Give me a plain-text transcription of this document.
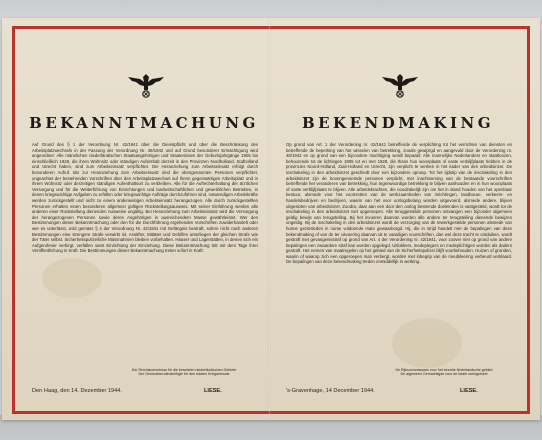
BEKANNTMACHUNG
Auf Grund des § 1 der Verordnung Nr. 42/1941 über die Dienstpflicht und über die Beschränkung des Arbeitsplatzwechsels in der Fassung der Verordnung Nr. 48/1942 und auf Grund besonderer Ermächtigung wird angeordnet: Alle männlichen niederländischen Staatsangehörigen und Staatenlosen der Geburtsjahrgänge 1905 bis einschließlich 1928, die ihren Wohnsitz oder ständigen Aufenthalt derzeit in den Provinzen Nordholland, Südholland und Utrecht haben, sind zum Arbeitseinsatz verpflichtet. Die Heranziehung zum Arbeitseinsatz erfolgt durch besonderen Aufruf. Bis zur Heranziehung zum Arbeitseinsatz sind die obengenannten Personen verpflichtet, ungeachtet der bestehenden Vorschriften über den Arbeitsplatzwechsel auf ihrem gegenwärtigen Arbeitsplatz und in ihrem Wohnsitz oder derzeitigen ständigen Aufenthaltsort zu verbleiben. Alle für die Aufrechterhaltung der ärztlichen Versorgung und für die Weiterführung von Einrichtungen und landwirtschaftlichen und gewerblichen Betrieben, in denen kriegswichtige Aufgaben zu erfüllen oder kriegswichtige Aufträge durchzuführen sind, notwendigen Arbeitskräfte werden zurückgestellt und nicht zu einem anderweitigen Arbeitseinsatz herangezogen. Alle durch zurückgestellten Personen erhalten einen besonderen allgemein gültigen Rückstellungsausweis. Mit seiner Einführung werden alle anderen einer Rückstellung dienenden Ausweise ungültig. Bei Heranziehung zum Arbeitseinsatz wird die Versorgung der herangezogenen Personen sowie deren Angehörigen in ausreichendem Masse gewährleistet. Wer den Bestimmungen dieser Bekanntmachung oder den für die Durchführung ergehenden Vorschriften zuwiderhandelt oder wer es unterlässt, wird gemäss § 4 der Verordnung Nr. 42/1941 mit Gefängnis bestraft, sofern nicht nach anderen Bestimmungen eine strengere Strafe verwirkt ist. Anstifter, Mittäter und Gehilfen unterliegen der gleichen Strafe wie der Täter selbst. Sicherheitspolizeiliche Massnahmen bleiben vorbehalten. Häuser und Lagerstätten, in denen sich ein Aufgerufener verbirgt, verfallen samt Einrichtung der Einziehung. Diese Bekanntmachung tritt mit dem Tage ihrer Veröffentlichung in Kraft. Die Bestimmungen dieser Bekanntmachung treten sofort in Kraft.
Der Reichskommissar für die besetzten niederländischen Gebiete
Der Generalbevollmächtigte für den totalen Kriegseinsatz
Den Haag, den 14. Dezember 1944.	LIESE.
BEKENDMAKING
Op grond van Art. 1 der Verordening nr. 42/1941 betreffende de verplichting tot het verrichten van diensten en betreffende de beperking van het wisselen van betrekking, zooals gewijzigd en aangevuld door de Verordening nr. 48/1942 en op grond van een bijzondere machtiging wordt bepaald: Alle mannelijke Nederlanders en staatloozen, behoorende tot de lichtingen 1905 tot en met 1928, die thans hun woonplaats of vaste verblijfplaats hebben in de provincies Noord-Holland, Zuid-Holland en Utrecht, zijn verplicht te werken in het kader van den arbeidsinzet. De inschakeling in den arbeidsinzet geschiedt door een bijzondere oproep. Tot het tijdstip van de inschakeling in den arbeidsinzet zijn de bovengenoemde personen verplicht, met inachtneming van de bestaande voorschriften betreffende het veranderen van betrekking, hun tegenwoordige betrekking te blijven aanhouden en in hun woonplaats of vaste verblijfplaats te blijven. Alle arbeidskrachten, die noodzakelijk zijn om het in stand houden van het openbaar bestuur, alsmede voor het voortzetten van de werkzaamheden van inrichtingen, landbouw-, verkeers- en handelsbedrijven en bedrijven, waarin van het voor oorlogsbelang worden uitgevoerd, alsmede andere, blijven uitgesloten van arbeidsinzet. Zoodra, daar aan een door den oorlog bestemde doeleinden is vastgesteld, wordt tot de inschakeling in den arbeidsinzet niet opgeroepen. Alle teruggestelde personen ontvangen een bijzonder algemeen geldig bewijs van terugstelling. Bij het invoeren daarvan worden alle andere ter terugstelling dienende bewijzen ongeldig. Bij de inschakeling in den arbeidsinzet wordt de verzorging van de tewerkgestelde personen alsmede van hunne gezinsleden in ruime voldoende mate gewaarborgd. Hij, die in strijd handelt met de bepalingen van deze bekendmaking of van de ter uitvoering daarvan uit te vaardigen voorschriften, dan wel deze tracht te ontduiken, wordt gestraft met gevangenisstraf op grond van Art. 4 der Verordening nr. 42/1941, voor zoover niet op grond van andere bepalingen een zwaardere straf kan worden opgelegd. Uitlokkers, medeplegers en medeplichtigen worden als daders gestraft. Het nemen van maatregelen op het gebied van de Sicherheitspolizei blijft voorbehouden. Huizen of gronden, waarin of waarop zich een opgeroepen man verbergt, worden met inbegrip van de meubileering verbeurd verklaard. De bepalingen van deze bekendmaking treden onmiddellijk in werking.
De Rijkscommissaris voor het bezette Nederlandsche gebied
De algemeen Gemachtigde voor de totale oorlogsinzet
's-Gravenhage, 14 December 1944.	LIESE.
